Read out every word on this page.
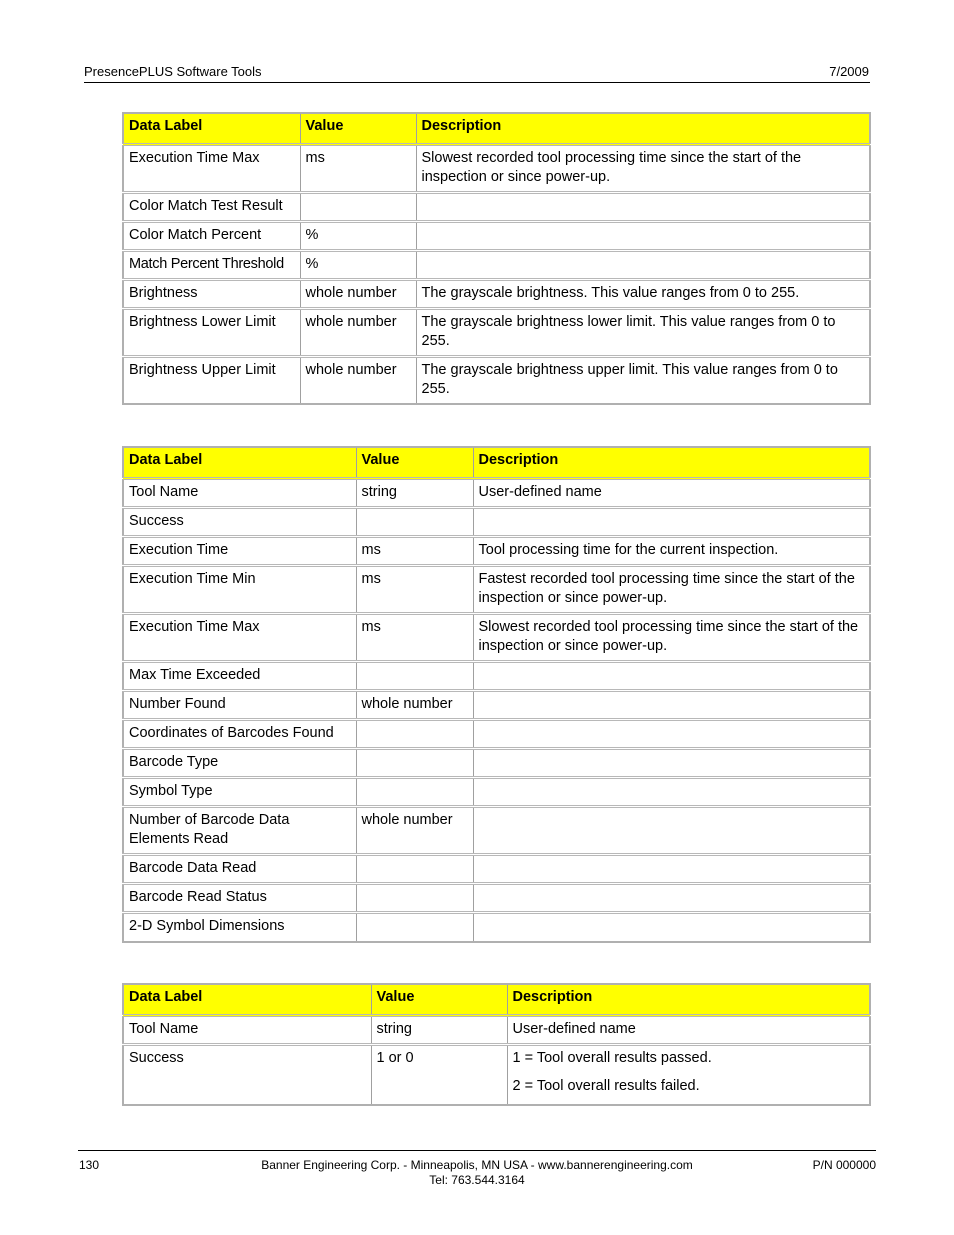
PresencePLUS Software Tools	7/2009
Data Label	Value	Description
Execution Time Max	ms	Slowest recorded tool processing time since the start of the inspection or since power-up.
Color Match Test Result		
Color Match Percent	%	
Match Percent Threshold	%	
Brightness	whole number	The grayscale brightness. This value ranges from 0 to 255.
Brightness Lower Limit	whole number	The grayscale brightness lower limit. This value ranges from 0 to 255.
Brightness Upper Limit	whole number	The grayscale brightness upper limit. This value ranges from 0 to 255.
Data Label	Value	Description
Tool Name	string	User-defined name
Success		
Execution Time	ms	Tool processing time for the current inspection.
Execution Time Min	ms	Fastest recorded tool processing time since the start of the inspection or since power-up.
Execution Time Max	ms	Slowest recorded tool processing time since the start of the inspection or since power-up.
Max Time Exceeded		
Number Found	whole number	
Coordinates of Barcodes Found		
Barcode Type		
Symbol Type		
Number of Barcode Data Elements Read	whole number	
Barcode Data Read		
Barcode Read Status		
2-D Symbol Dimensions		
Data Label	Value	Description
Tool Name	string	User-defined name
Success	1 or 0	1 = Tool overall results passed.
2 = Tool overall results failed.
130	Banner Engineering Corp. - Minneapolis, MN USA - www.bannerengineering.com
Tel: 763.544.3164
P/N 000000
